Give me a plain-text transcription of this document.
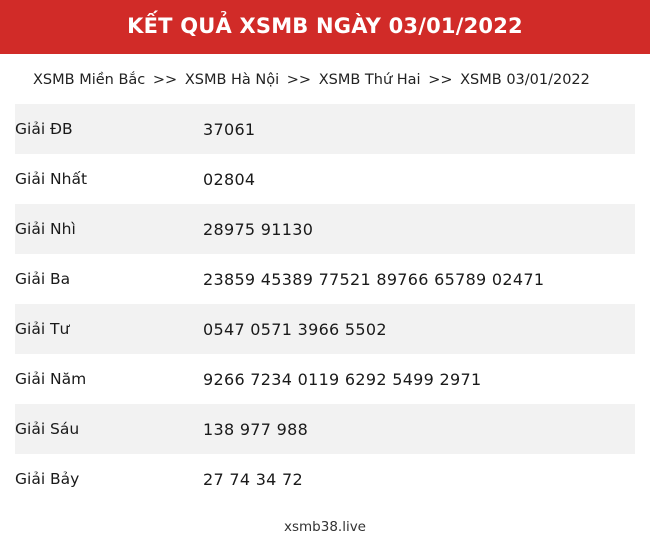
KẾT QUẢ XSMB NGÀY 03/01/2022
XSMB Miền Bắc >> XSMB Hà Nội >> XSMB Thứ Hai >> XSMB 03/01/2022
Giải ĐB	37061
Giải Nhất	02804
Giải Nhì	28975 91130
Giải Ba	23859 45389 77521 89766 65789 02471
Giải Tư	0547 0571 3966 5502
Giải Năm	9266 7234 0119 6292 5499 2971
Giải Sáu	138 977 988
Giải Bảy	27 74 34 72
xsmb38.live
